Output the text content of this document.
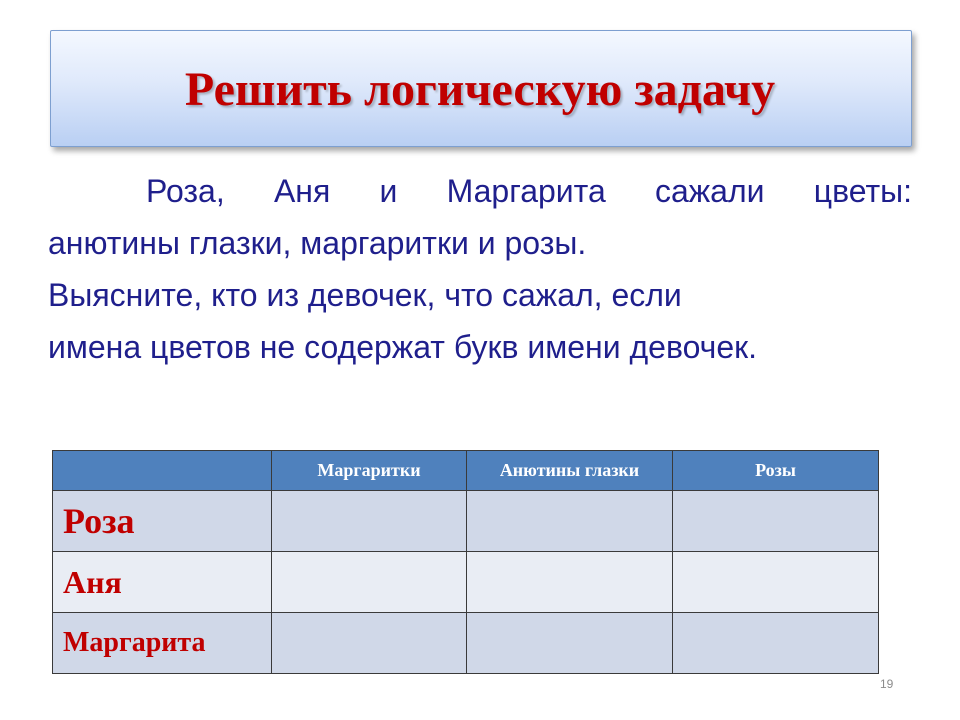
Решить логическую задачу
Роза, Аня и Маргарита сажали цветы:
анютины глазки, маргаритки и розы.
Выясните, кто из девочек, что сажал, если
имена цветов не содержат букв имени девочек.
	Маргаритки	Анютины глазки	Розы
Роза			
Аня			
Маргарита			
19
